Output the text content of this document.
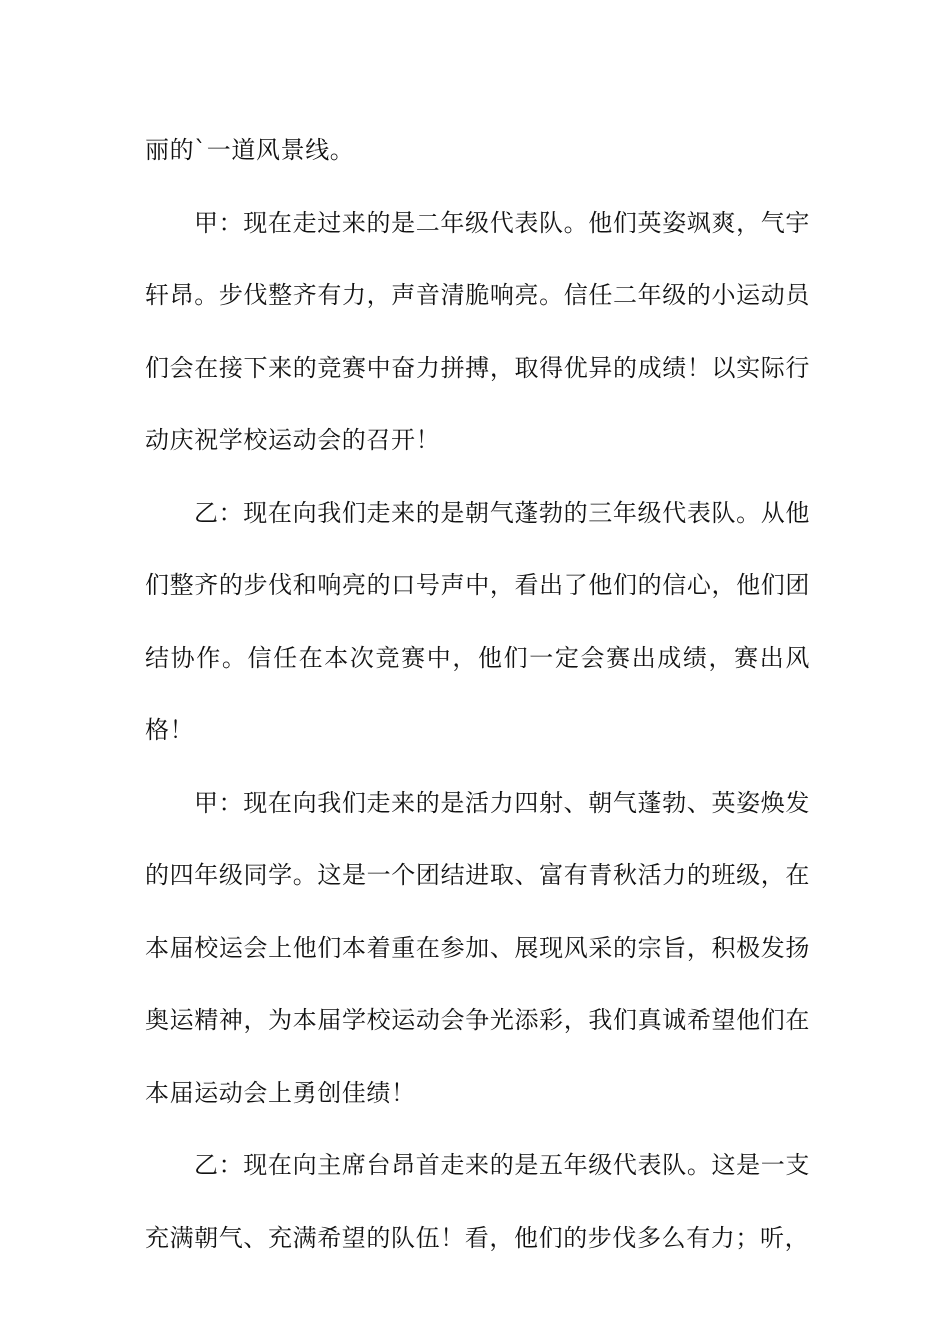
丽的`一道风景线。

甲：现在走过来的是二年级代表队。他们英姿飒爽，气宇轩昂。步伐整齐有力，声音清脆响亮。信任二年级的小运动员们会在接下来的竞赛中奋力拼搏，取得优异的成绩！以实际行动庆祝学校运动会的召开！

乙：现在向我们走来的是朝气蓬勃的三年级代表队。从他们整齐的步伐和响亮的口号声中，看出了他们的信心，他们团结协作。信任在本次竞赛中，他们一定会赛出成绩，赛出风格！

甲：现在向我们走来的是活力四射、朝气蓬勃、英姿焕发的四年级同学。这是一个团结进取、富有青秋活力的班级，在本届校运会上他们本着重在参加、展现风采的宗旨，积极发扬奥运精神，为本届学校运动会争光添彩，我们真诚希望他们在本届运动会上勇创佳绩！

乙：现在向主席台昂首走来的是五年级代表队。这是一支充满朝气、充满希望的队伍！看，他们的步伐多么有力；听，
